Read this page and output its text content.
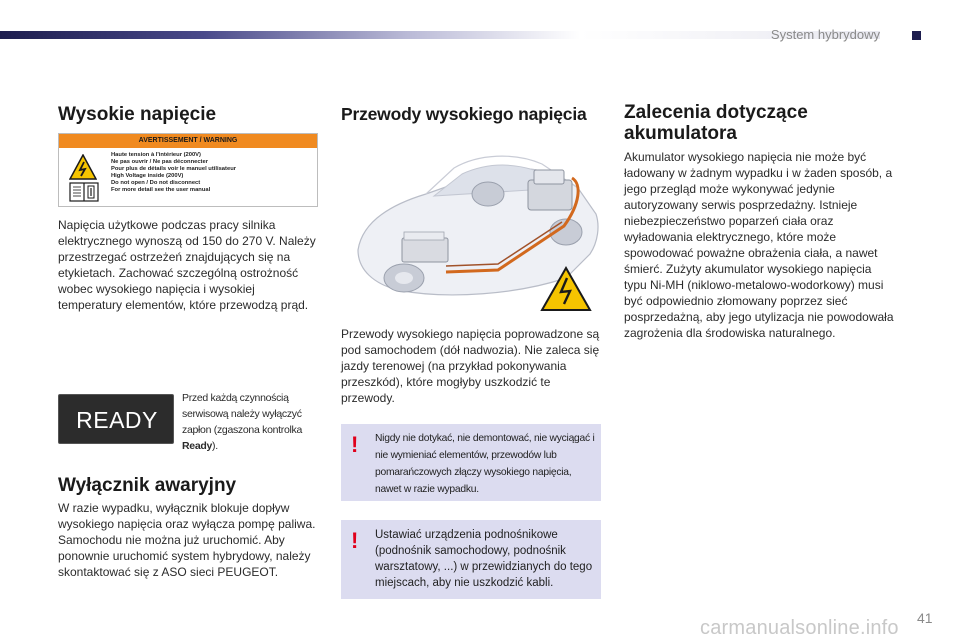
System hybrydowy
Wysokie napięcie
AVERTISSEMENT / WARNING
Haute tension à l'intérieur (200V)
Ne pas ouvrir / Ne pas déconnecter
Pour plus de détails voir le manuel utilisateur
High Voltage inside (200V)
Do not open / Do not disconnect
For more detail see the user manual
Napięcia użytkowe podczas pracy silnika elektrycznego wynoszą od 150 do 270 V. Należy przestrzegać ostrzeżeń znajdujących się na etykietach. Zachować szczególną ostrożność wobec wysokiego napięcia i wysokiej temperatury elementów, które przewodzą prąd.
READY
Przed każdą czynnością serwisową należy wyłączyć zapłon (zgaszona kontrolka Ready).
Wyłącznik awaryjny
W razie wypadku, wyłącznik blokuje dopływ wysokiego napięcia oraz wyłącza pompę paliwa. Samochodu nie można już uruchomić. Aby ponownie uruchomić system hybrydowy, należy skontaktować się z ASO sieci PEUGEOT.
Przewody wysokiego napięcia
Przewody wysokiego napięcia poprowadzone są pod samochodem (dół nadwozia). Nie zaleca się jazdy terenowej (na przykład pokonywania przeszkód), które mogłyby uszkodzić te przewody.
! Nigdy nie dotykać, nie demontować, nie wyciągać i nie wymieniać elementów, przewodów lub pomarańczowych złączy wysokiego napięcia, nawet w razie wypadku.
! Ustawiać urządzenia podnośnikowe (podnośnik samochodowy, podnośnik warsztatowy, ...) w przewidzianych do tego miejscach, aby nie uszkodzić kabli.
Zalecenia dotyczące akumulatora
Akumulator wysokiego napięcia nie może być ładowany w żadnym wypadku i w żaden sposób, a jego przegląd może wykonywać jedynie autoryzowany serwis posprzedażny. Istnieje niebezpieczeństwo poparzeń ciała oraz wyładowania elektrycznego, które może spowodować poważne obrażenia ciała, a nawet śmierć. Zużyty akumulator wysokiego napięcia typu Ni-MH (niklowo-metalowo-wodorkowy) musi być odpowiednio złomowany poprzez sieć posprzedażną, aby jego utylizacja nie powodowała zagrożenia dla środowiska naturalnego.
carmanualsonline.info 41
